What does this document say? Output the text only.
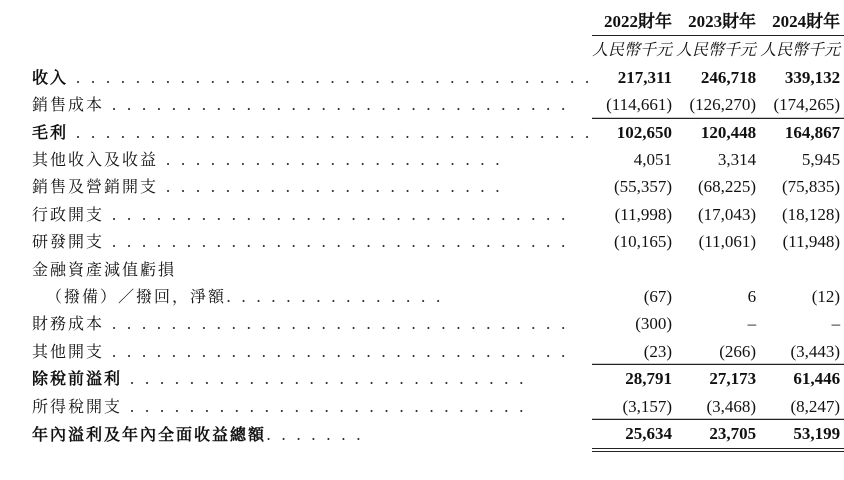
	2022財年	2023財年	2024財年
	人民幣千元	人民幣千元	人民幣千元
收入 . . . . . . . . . . . . . . . . . . . . . . . . . . . . . . . . . . .	217,311	246,718	339,132
銷售成本 . . . . . . . . . . . . . . . . . . . . . . . . . . . . . . .	(114,661)	(126,270)	(174,265)
毛利 . . . . . . . . . . . . . . . . . . . . . . . . . . . . . . . . . . .	102,650	120,448	164,867
其他收入及收益 . . . . . . . . . . . . . . . . . . . . . . .	4,051	3,314	5,945
銷售及營銷開支 . . . . . . . . . . . . . . . . . . . . . . .	(55,357)	(68,225)	(75,835)
行政開支 . . . . . . . . . . . . . . . . . . . . . . . . . . . . . . .	(11,998)	(17,043)	(18,128)
研發開支 . . . . . . . . . . . . . . . . . . . . . . . . . . . . . . .	(10,165)	(11,061)	(11,948)
金融資產減值虧損			
（撥備）／撥回，淨額. . . . . . . . . . . . . . .	(67)	6	(12)
財務成本 . . . . . . . . . . . . . . . . . . . . . . . . . . . . . . .	(300)	–	–
其他開支 . . . . . . . . . . . . . . . . . . . . . . . . . . . . . . .	(23)	(266)	(3,443)
除稅前溢利 . . . . . . . . . . . . . . . . . . . . . . . . . . .	28,791	27,173	61,446
所得稅開支 . . . . . . . . . . . . . . . . . . . . . . . . . . .	(3,157)	(3,468)	(8,247)
年內溢利及年內全面收益總額. . . . . . .	25,634	23,705	53,199
